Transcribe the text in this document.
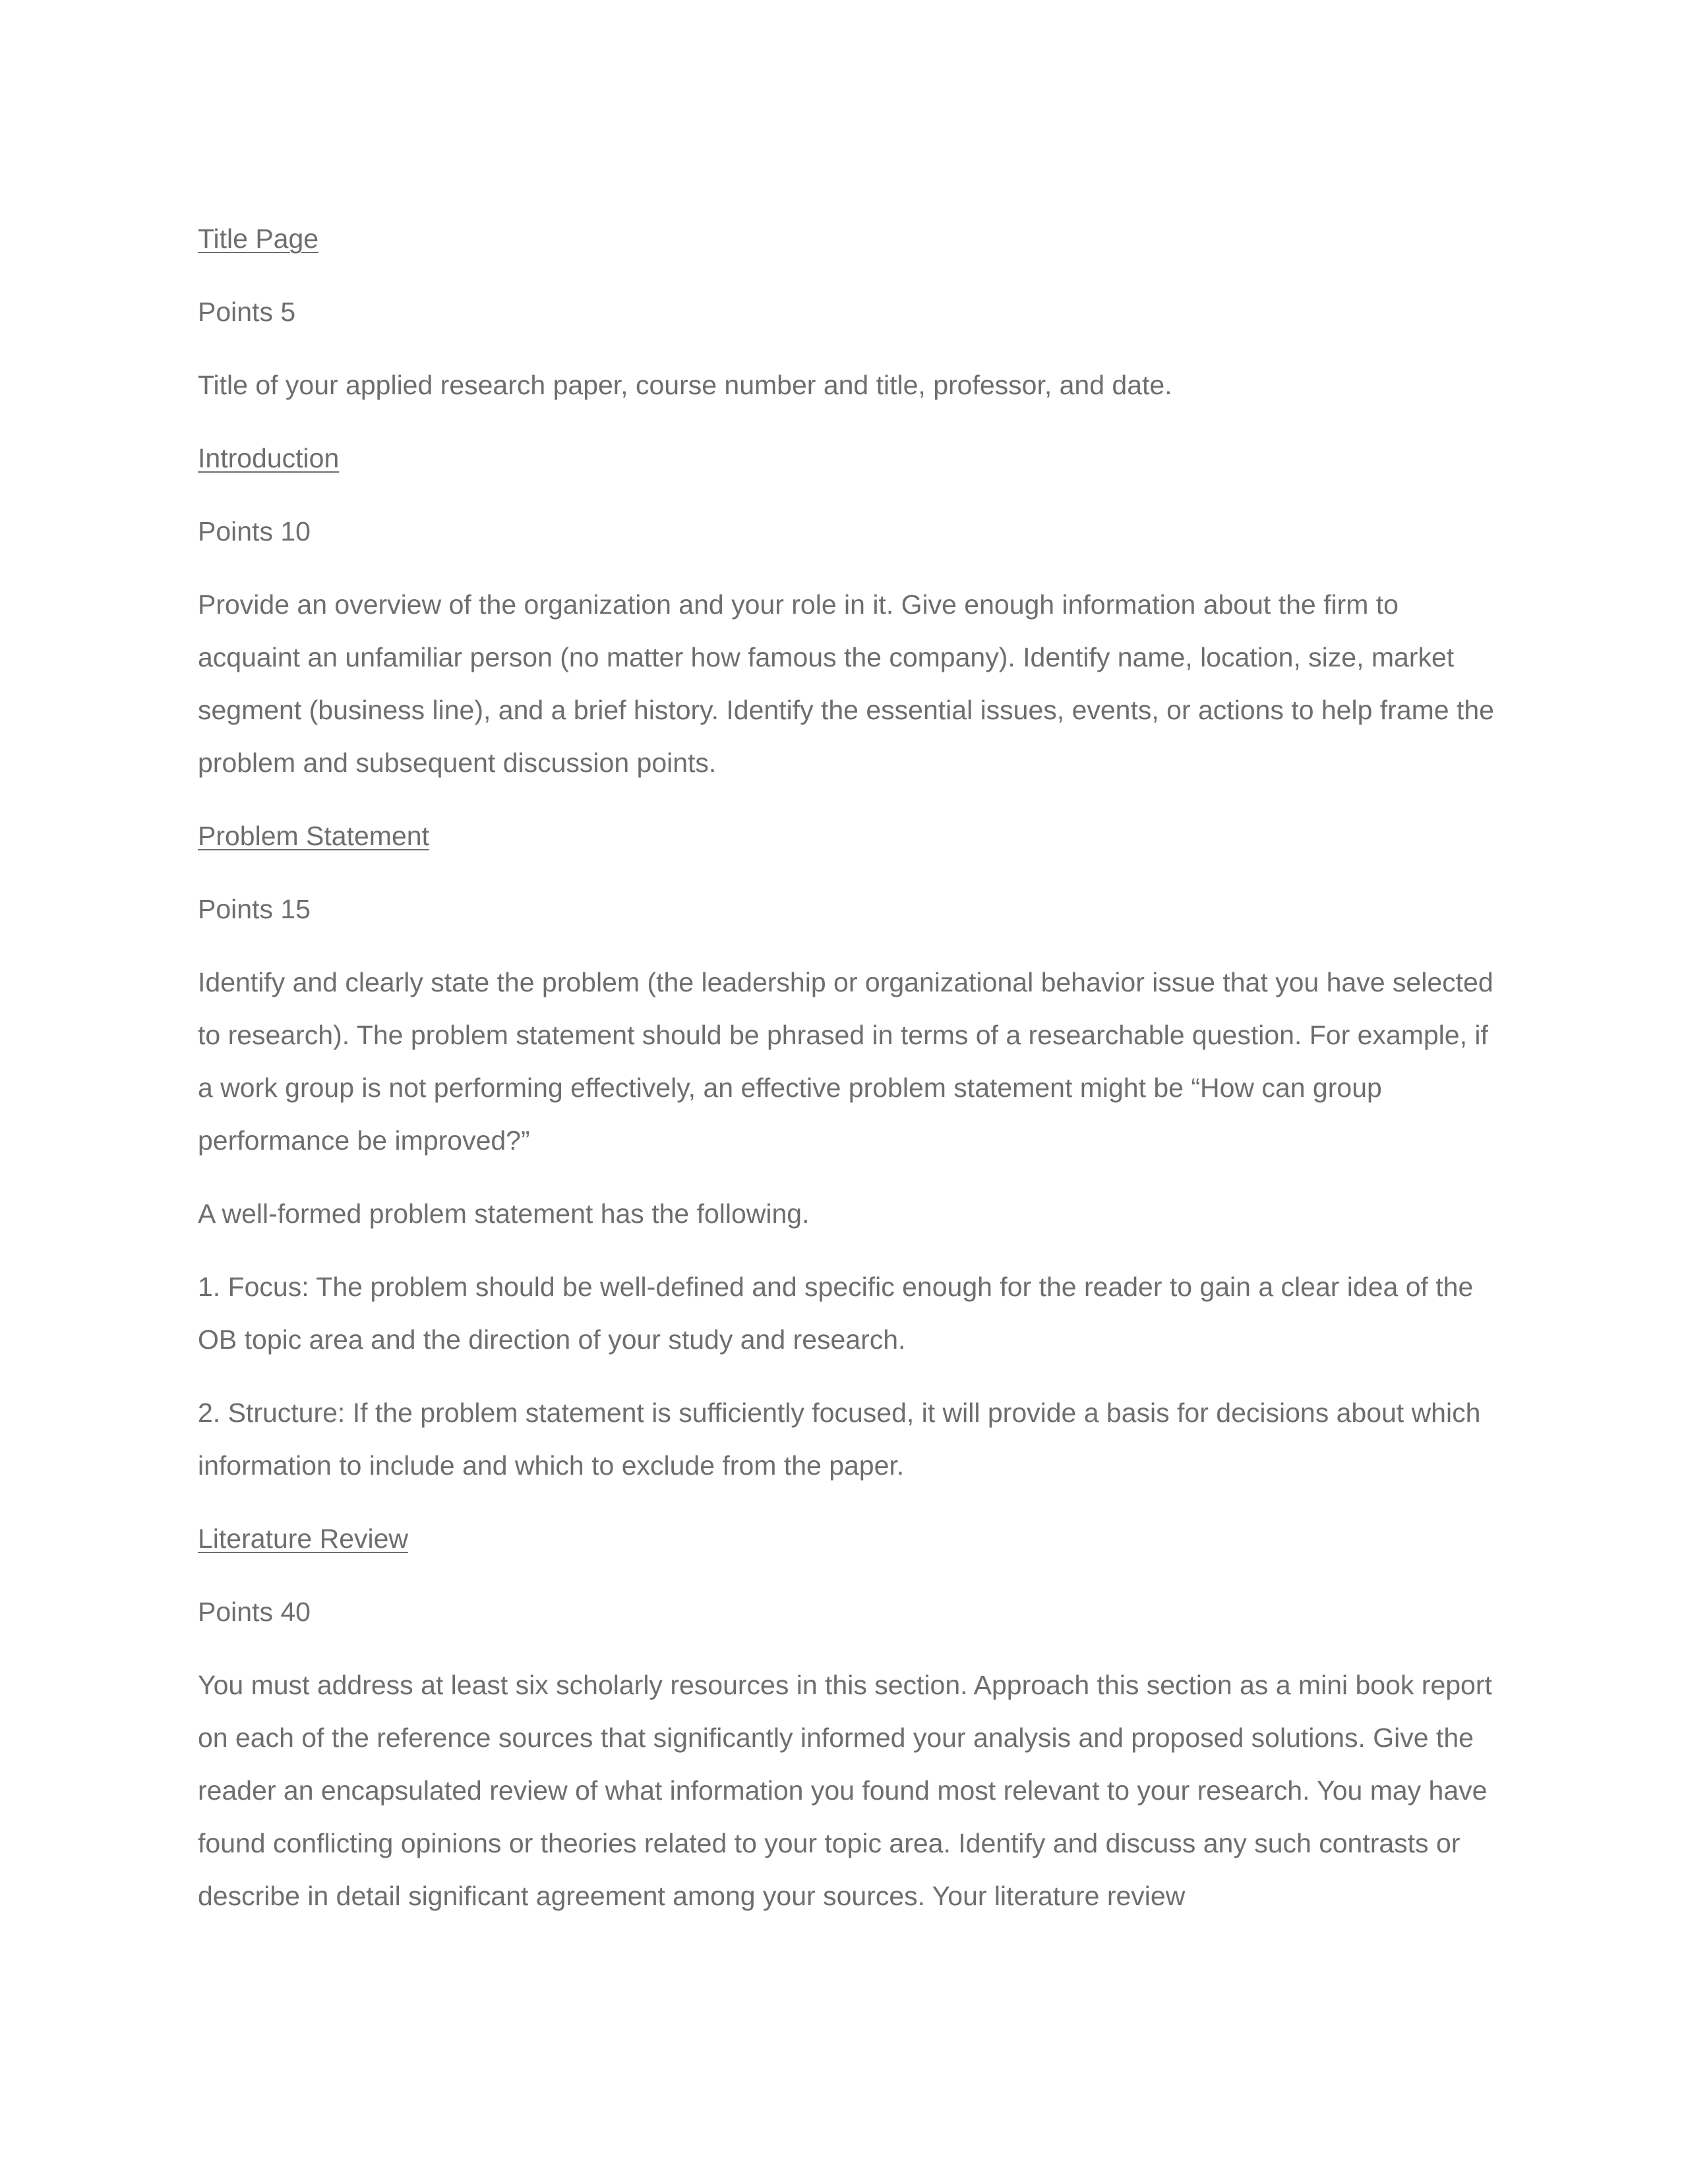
Title Page

Points 5

Title of your applied research paper, course number and title, professor, and date.

Introduction

Points 10

Provide an overview of the organization and your role in it. Give enough information about the firm to acquaint an unfamiliar person (no matter how famous the company). Identify name, location, size, market segment (business line), and a brief history. Identify the essential issues, events, or actions to help frame the problem and subsequent discussion points.

Problem Statement

Points 15

Identify and clearly state the problem (the leadership or organizational behavior issue that you have selected to research). The problem statement should be phrased in terms of a researchable question. For example, if a work group is not performing effectively, an effective problem statement might be “How can group performance be improved?”

A well-formed problem statement has the following.

1. Focus: The problem should be well-defined and specific enough for the reader to gain a clear idea of the OB topic area and the direction of your study and research.

2. Structure: If the problem statement is sufficiently focused, it will provide a basis for decisions about which information to include and which to exclude from the paper.

Literature Review

Points 40

You must address at least six scholarly resources in this section. Approach this section as a mini book report on each of the reference sources that significantly informed your analysis and proposed solutions. Give the reader an encapsulated review of what information you found most relevant to your research. You may have found conflicting opinions or theories related to your topic area. Identify and discuss any such contrasts or describe in detail significant agreement among your sources. Your literature review
